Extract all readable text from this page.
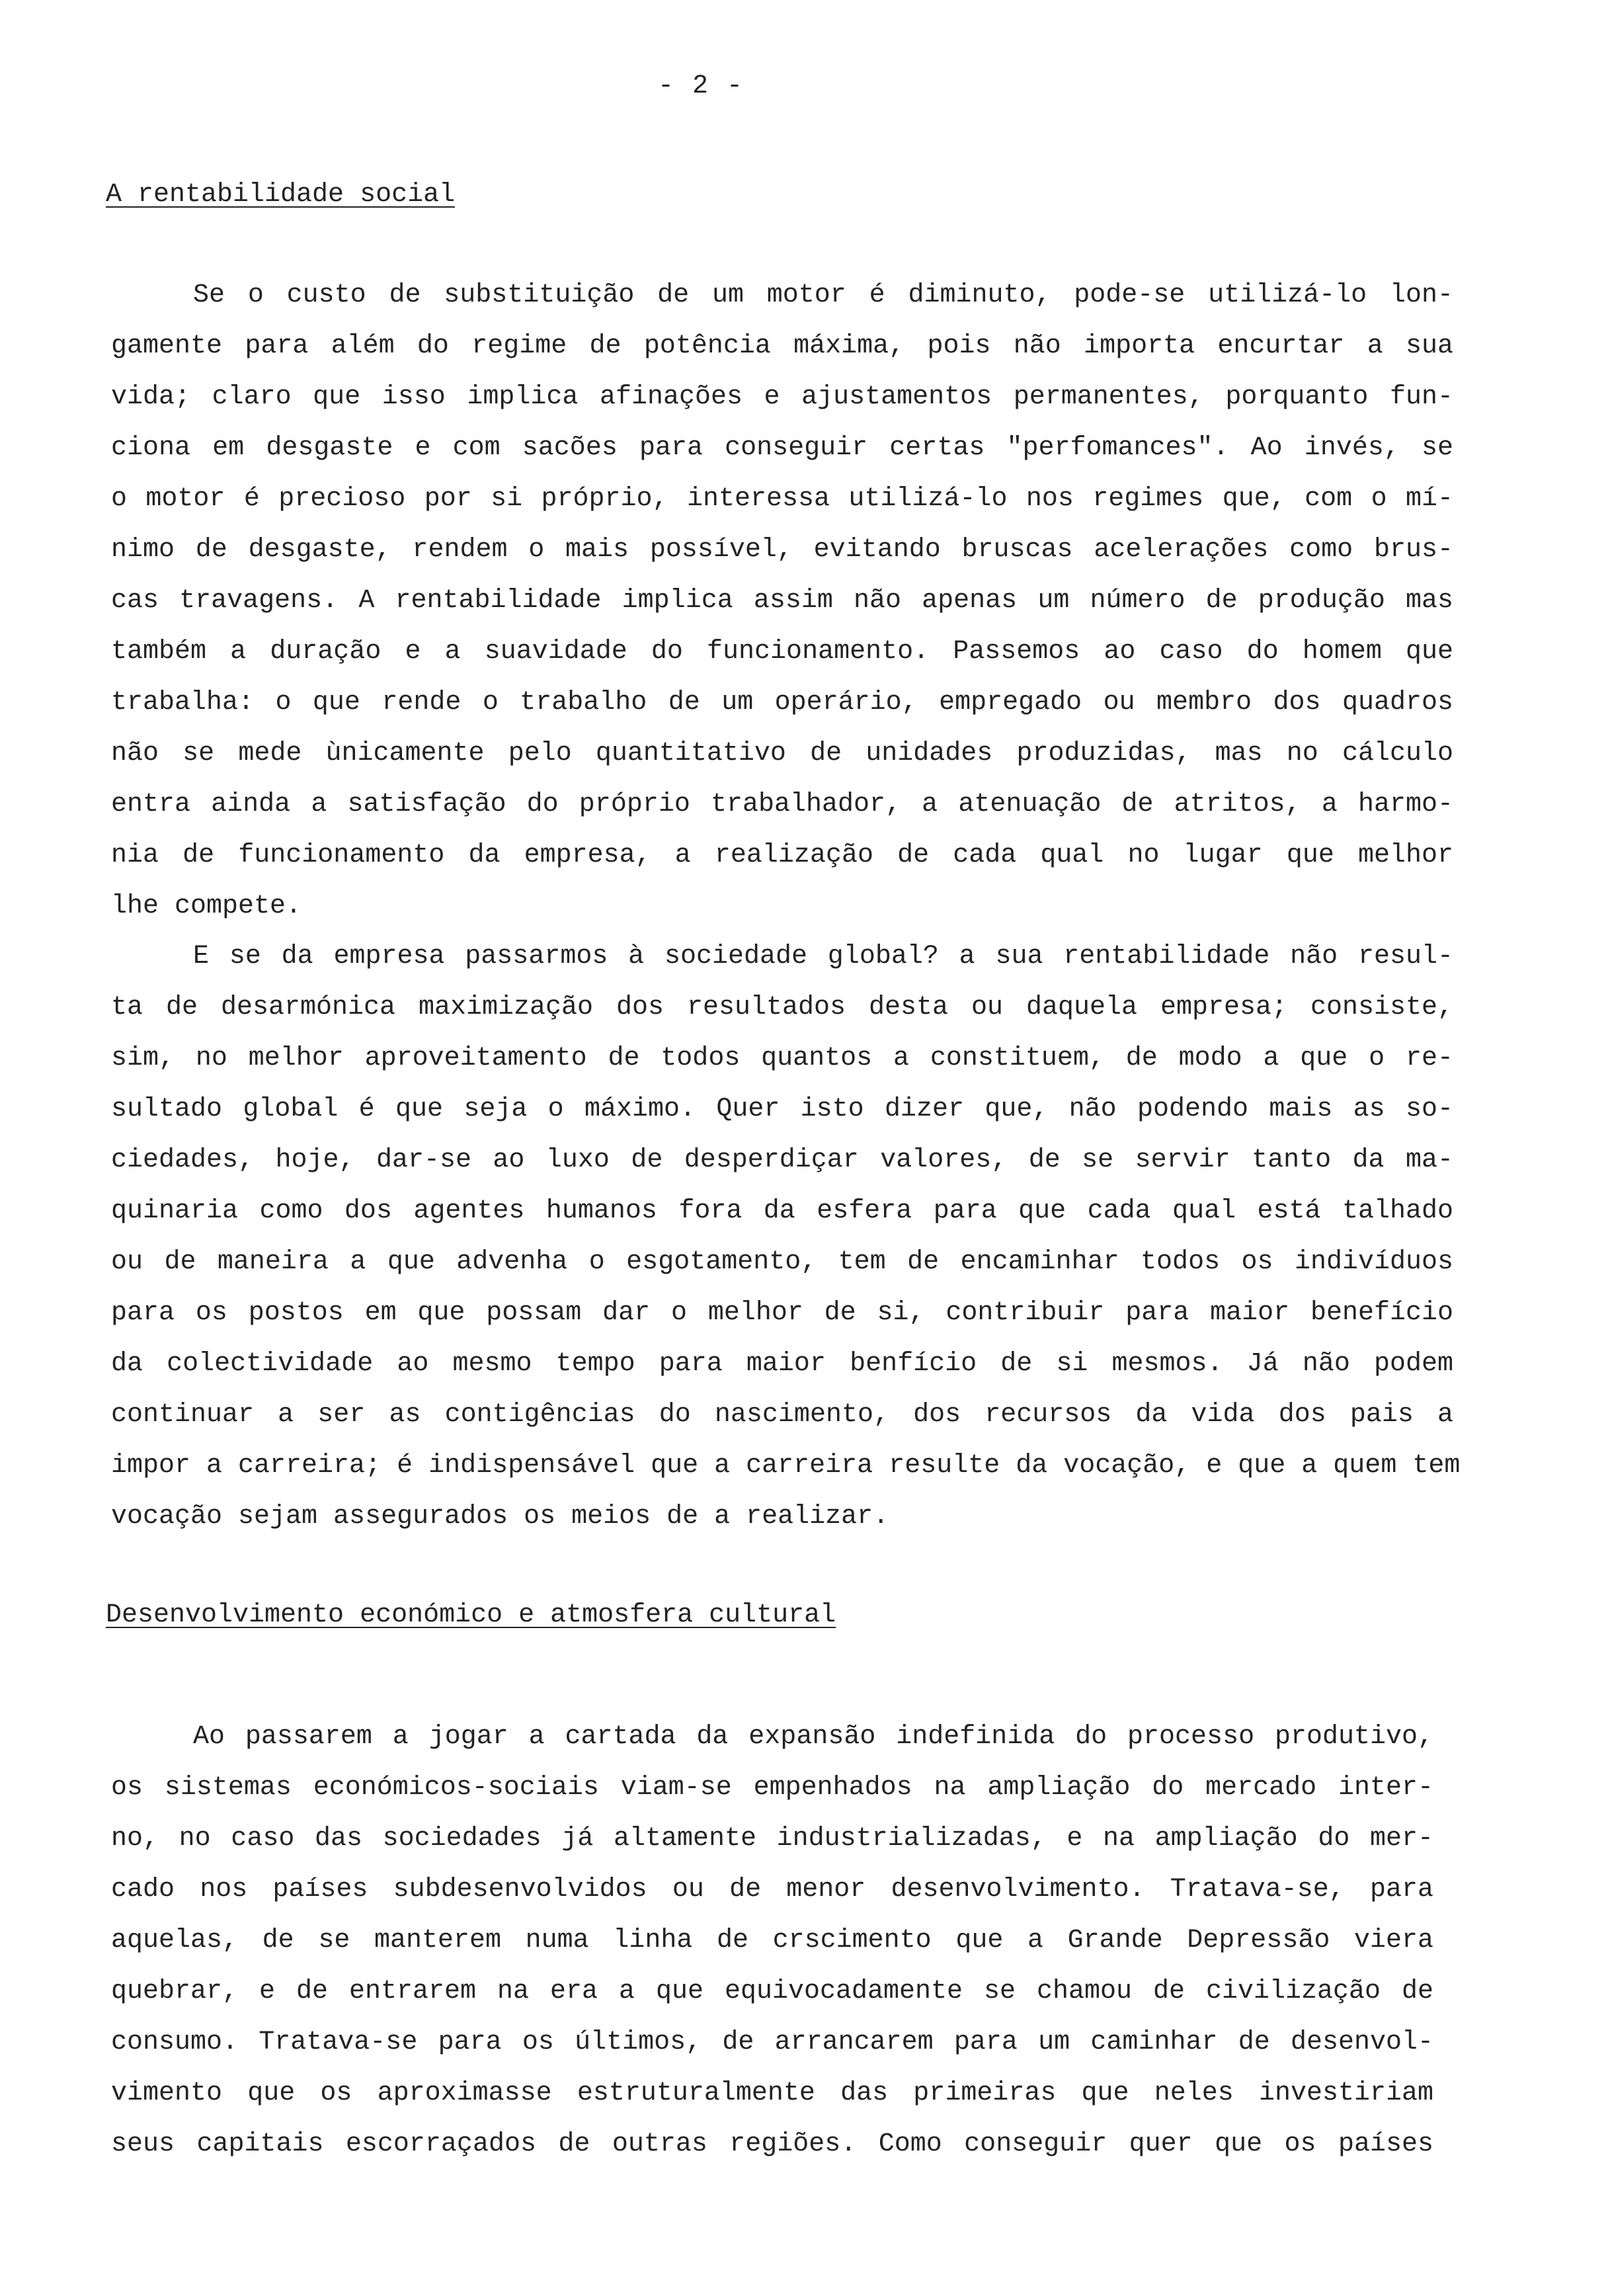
- 2 -
A rentabilidade social
Se o custo de substituição de um motor é diminuto, pode-se utilizá-lo lon-
gamente para além do regime de potência máxima, pois não importa encurtar a sua
vida; claro que isso implica afinações e ajustamentos permanentes, porquanto fun-
ciona em desgaste e com sacões para conseguir certas "perfomances". Ao invés, se
o motor é precioso por si próprio, interessa utilizá-lo nos regimes que, com o mí-
nimo de desgaste, rendem o mais possível, evitando bruscas acelerações como brus-
cas travagens. A rentabilidade implica assim não apenas um número de produção mas
também a duração e a suavidade do funcionamento. Passemos ao caso do homem que
trabalha: o que rende o trabalho de um operário, empregado ou membro dos quadros
não se mede ùnicamente pelo quantitativo de unidades produzidas, mas no cálculo
entra ainda a satisfação do próprio trabalhador, a atenuação de atritos, a harmo-
nia de funcionamento da empresa, a realização de cada qual no lugar que melhor
lhe compete.
E se da empresa passarmos à sociedade global? a sua rentabilidade não resul-
ta de desarmónica maximização dos resultados desta ou daquela empresa; consiste,
sim, no melhor aproveitamento de todos quantos a constituem, de modo a que o re-
sultado global é que seja o máximo. Quer isto dizer que, não podendo mais as so-
ciedades, hoje, dar-se ao luxo de desperdiçar valores, de se servir tanto da ma-
quinaria como dos agentes humanos fora da esfera para que cada qual está talhado
ou de maneira a que advenha o esgotamento, tem de encaminhar todos os indivíduos
para os postos em que possam dar o melhor de si, contribuir para maior benefício
da colectividade ao mesmo tempo para maior benfício de si mesmos. Já não podem
continuar a ser as contigências do nascimento, dos recursos da vida dos pais a
impor a carreira; é indispensável que a carreira resulte da vocação, e que a quem tem
vocação sejam assegurados os meios de a realizar.
Desenvolvimento económico e atmosfera cultural
Ao passarem a jogar a cartada da expansão indefinida do processo produtivo,
os sistemas económicos-sociais viam-se empenhados na ampliação do mercado inter-
no, no caso das sociedades já altamente industrializadas, e na ampliação do mer-
cado nos países subdesenvolvidos ou de menor desenvolvimento. Tratava-se, para
aquelas, de se manterem numa linha de crscimento que a Grande Depressão viera
quebrar, e de entrarem na era a que equivocadamente se chamou de civilização de
consumo. Tratava-se para os últimos, de arrancarem para um caminhar de desenvol-
vimento que os aproximasse estruturalmente das primeiras que neles investiriam
seus capitais escorraçados de outras regiões. Como conseguir quer que os países
